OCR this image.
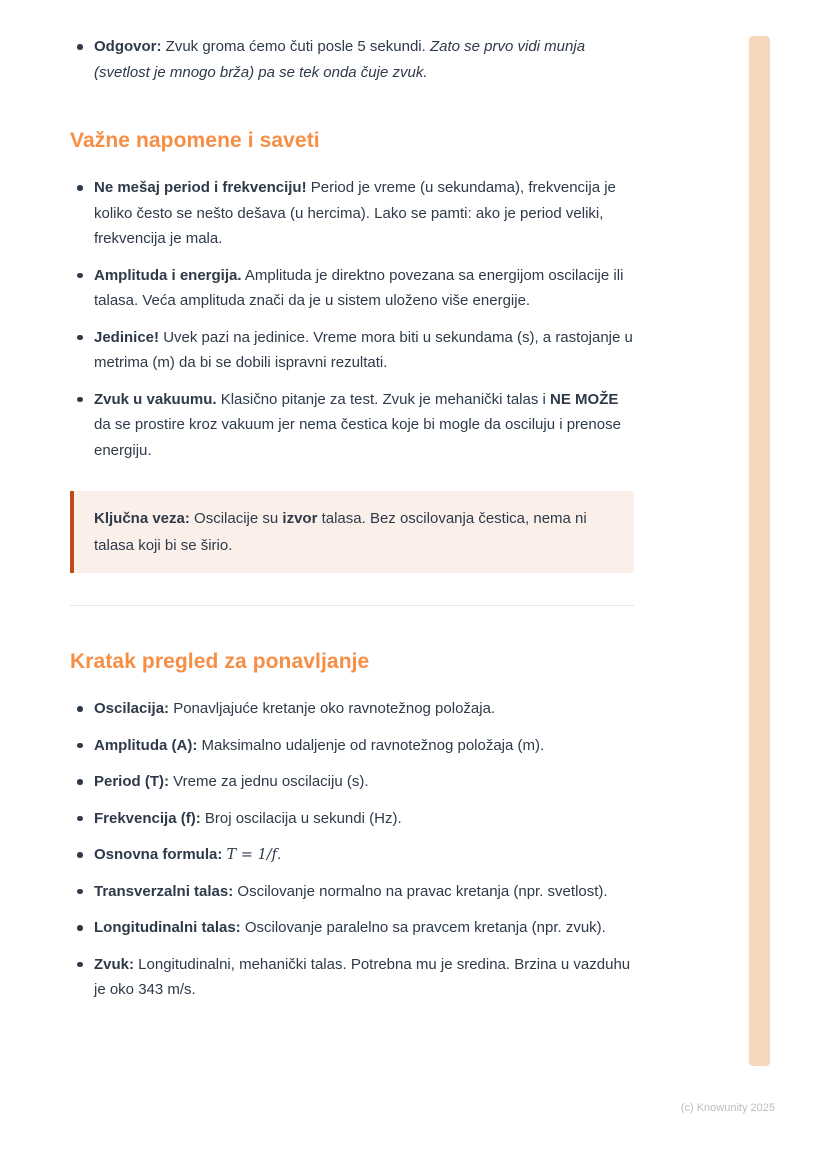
Odgovor: Zvuk groma ćemo čuti posle 5 sekundi. Zato se prvo vidi munja (svetlost je mnogo brža) pa se tek onda čuje zvuk.
Važne napomene i saveti
Ne mešaj period i frekvenciju! Period je vreme (u sekundama), frekvencija je koliko često se nešto dešava (u hercima). Lako se pamti: ako je period veliki, frekvencija je mala.
Amplituda i energija. Amplituda je direktno povezana sa energijom oscilacije ili talasa. Veća amplituda znači da je u sistem uloženo više energije.
Jedinice! Uvek pazi na jedinice. Vreme mora biti u sekundama (s), a rastojanje u metrima (m) da bi se dobili ispravni rezultati.
Zvuk u vakuumu. Klasično pitanje za test. Zvuk je mehanički talas i NE MOŽE da se prostire kroz vakuum jer nema čestica koje bi mogle da osciluju i prenose energiju.

Ključna veza: Oscilacije su izvor talasa. Bez oscilovanja čestica, nema ni talasa koji bi se širio.

Kratak pregled za ponavljanje
Oscilacija: Ponavljajuće kretanje oko ravnotežnog položaja.
Amplituda (A): Maksimalno udaljenje od ravnotežnog položaja (m).
Period (T): Vreme za jednu oscilaciju (s).
Frekvencija (f): Broj oscilacija u sekundi (Hz).
Osnovna formula: T = 1/f.
Transverzalni talas: Oscilovanje normalno na pravac kretanja (npr. svetlost).
Longitudinalni talas: Oscilovanje paralelno sa pravcem kretanja (npr. zvuk).
Zvuk: Longitudinalni, mehanički talas. Potrebna mu je sredina. Brzina u vazduhu je oko 343 m/s.
(c) Knowunity 2025
